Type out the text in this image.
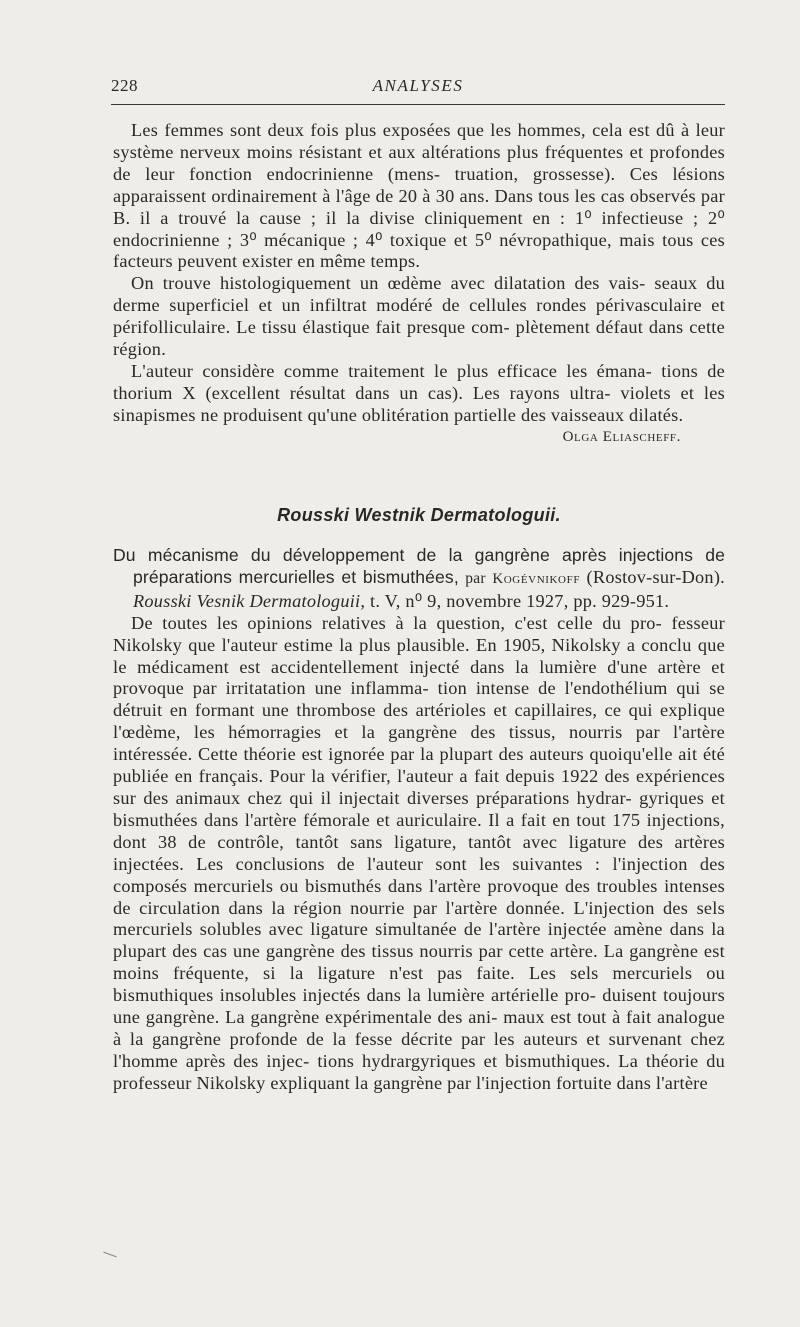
228	ANALYSES

Les femmes sont deux fois plus exposées que les hommes, cela est dû à leur système nerveux moins résistant et aux altérations plus fréquentes et profondes de leur fonction endocrinienne (mens- truation, grossesse). Ces lésions apparaissent ordinairement à l'âge de 20 à 30 ans. Dans tous les cas observés par B. il a trouvé la cause ; il la divise cliniquement en : 1⁰ infectieuse ; 2⁰ endocrinienne ; 3⁰ mécanique ; 4⁰ toxique et 5⁰ névropathique, mais tous ces facteurs peuvent exister en même temps.

On trouve histologiquement un œdème avec dilatation des vais- seaux du derme superficiel et un infiltrat modéré de cellules rondes périvasculaire et périfolliculaire. Le tissu élastique fait presque com- plètement défaut dans cette région.

L'auteur considère comme traitement le plus efficace les émana- tions de thorium X (excellent résultat dans un cas). Les rayons ultra- violets et les sinapismes ne produisent qu'une oblitération partielle des vaisseaux dilatés.
Olga Eliascheff.

Rousski Westnik Dermatologuii.

Du mécanisme du développement de la gangrène après injections de préparations mercurielles et bismuthées, par Kogévnikoff (Rostov-sur-Don). Rousski Vesnik Dermatologuii, t. V, n⁰ 9, novembre 1927, pp. 929-951.

De toutes les opinions relatives à la question, c'est celle du pro- fesseur Nikolsky que l'auteur estime la plus plausible. En 1905, Nikolsky a conclu que le médicament est accidentellement injecté dans la lumière d'une artère et provoque par irritatation une inflamma- tion intense de l'endothélium qui se détruit en formant une thrombose des artérioles et capillaires, ce qui explique l'œdème, les hémorragies et la gangrène des tissus, nourris par l'artère intéressée. Cette théorie est ignorée par la plupart des auteurs quoiqu'elle ait été publiée en français. Pour la vérifier, l'auteur a fait depuis 1922 des expériences sur des animaux chez qui il injectait diverses préparations hydrar- gyriques et bismuthées dans l'artère fémorale et auriculaire. Il a fait en tout 175 injections, dont 38 de contrôle, tantôt sans ligature, tantôt avec ligature des artères injectées. Les conclusions de l'auteur sont les suivantes : l'injection des composés mercuriels ou bismuthés dans l'artère provoque des troubles intenses de circulation dans la région nourrie par l'artère donnée. L'injection des sels mercuriels solubles avec ligature simultanée de l'artère injectée amène dans la plupart des cas une gangrène des tissus nourris par cette artère. La gangrène est moins fréquente, si la ligature n'est pas faite. Les sels mercuriels ou bismuthiques insolubles injectés dans la lumière artérielle pro- duisent toujours une gangrène. La gangrène expérimentale des ani- maux est tout à fait analogue à la gangrène profonde de la fesse décrite par les auteurs et survenant chez l'homme après des injec- tions hydrargyriques et bismuthiques. La théorie du professeur Nikolsky expliquant la gangrène par l'injection fortuite dans l'artère
